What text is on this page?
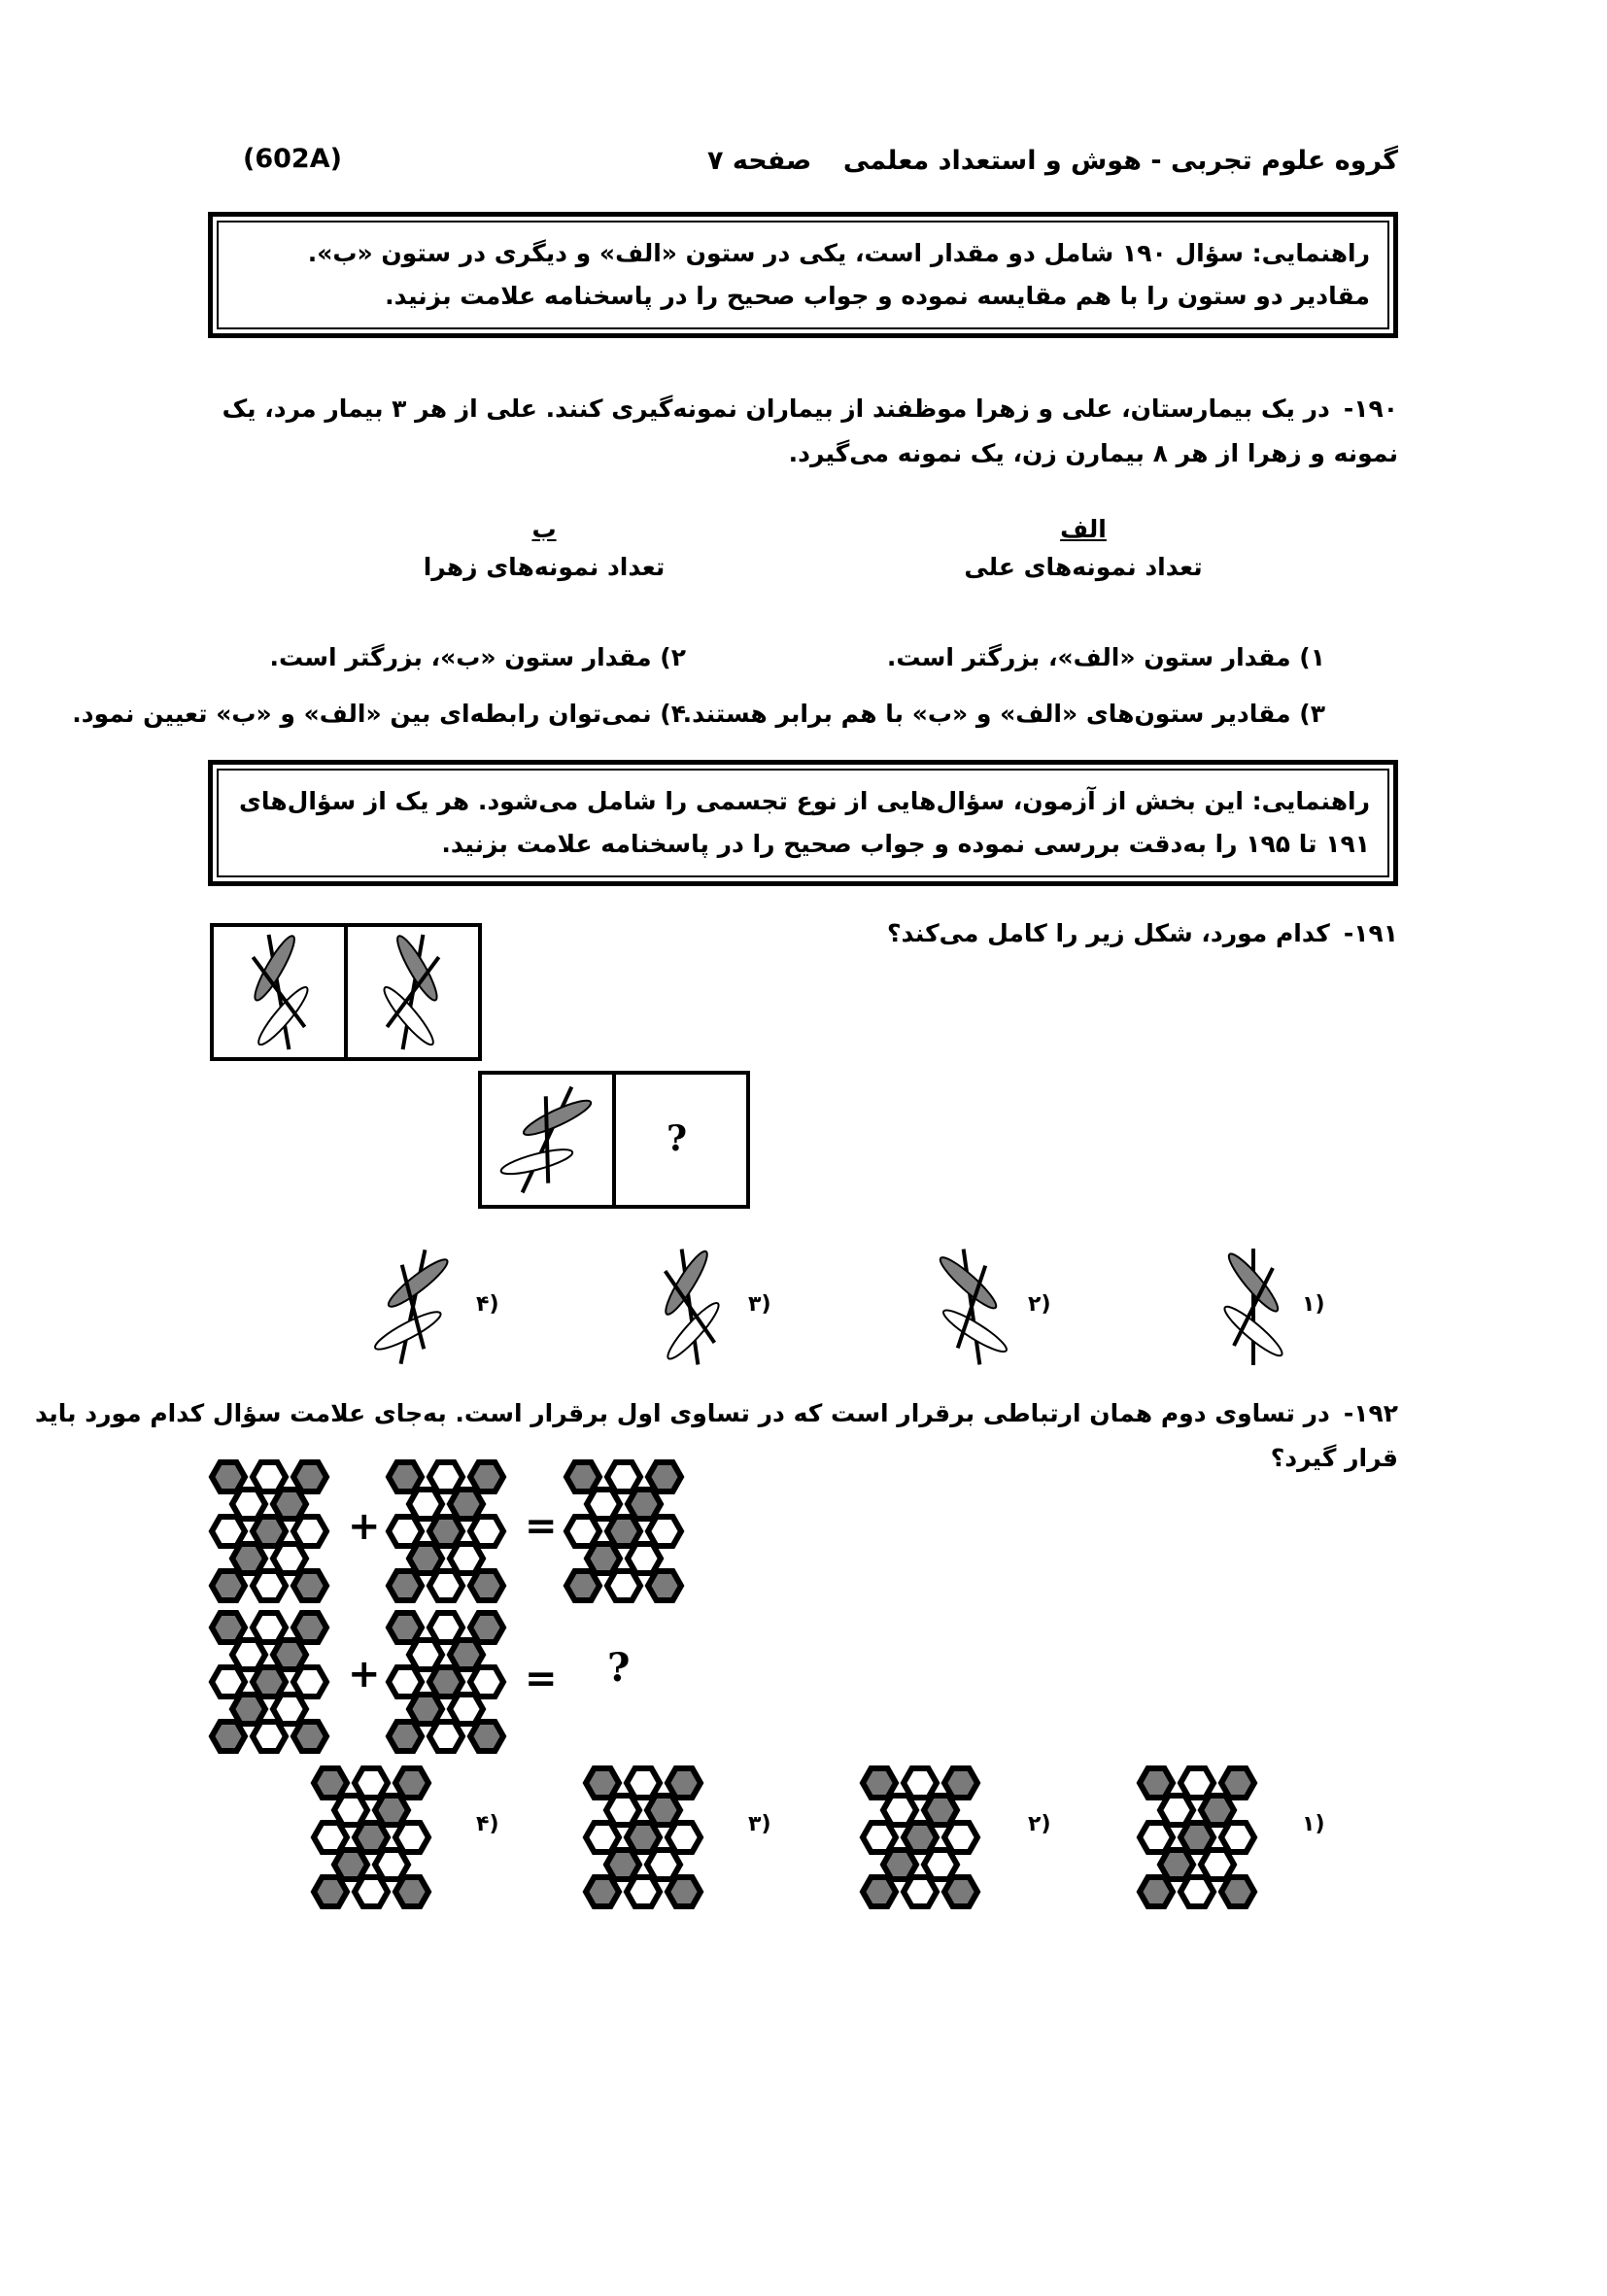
گروه علوم تجربی - هوش و استعداد معلمی
صفحه ۷
(602A)
راهنمایی: سؤال ۱۹۰ شامل دو مقدار است، یکی در ستون «الف» و دیگری در ستون «ب». مقادیر دو ستون را با هم مقایسه نموده و جواب صحیح را در پاسخنامه علامت بزنید.
۱۹۰-در یک بیمارستان، علی و زهرا موظفند از بیماران نمونه‌گیری کنند. علی از هر ۳ بیمار مرد، یک نمونه و زهرا از هر ۸ بیمارن زن، یک نمونه می‌گیرد.
الف
تعداد نمونه‌های علی
ب
تعداد نمونه‌های زهرا
۱) مقدار ستون «الف»، بزرگتر است.
۲) مقدار ستون «ب»، بزرگتر است.
۳) مقادیر ستون‌های «الف» و «ب» با هم برابر هستند.
۴) نمی‌توان رابطه‌ای بین «الف» و «ب» تعیین نمود.
راهنمایی: این بخش از آزمون، سؤال‌هایی از نوع تجسمی را شامل می‌شود. هر یک از سؤال‌های ۱۹۱ تا ۱۹۵ را به‌دقت بررسی نموده و جواب صحیح را در پاسخنامه علامت بزنید.
۱۹۱-کدام مورد، شکل زیر را کامل می‌کند؟
?
(۱
(۲
(۳
(۴
۱۹۲-در تساوی دوم همان ارتباطی برقرار است که در تساوی اول برقرار است. به‌جای علامت سؤال کدام مورد باید قرار گیرد؟
+	=
+	= ?
(۱
(۲
(۳
(۴
